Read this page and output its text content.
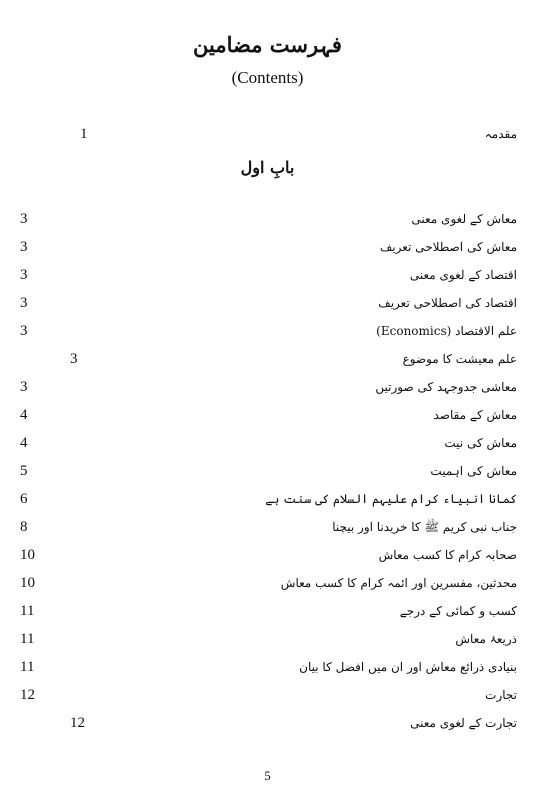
فہرست مضامین
(Contents)
مقدمہ
1
بابِ اول
معاش کے لغوی معنی
3
معاش کی اصطلاحی تعریف
3
اقتصاد کے لغوی معنی
3
اقتصاد کی اصطلاحی تعریف
3
علم الاقتصاد (Economics)
3
علم معیشت کا موضوع
3
معاشی جدوجہد کی صورتیں
3
معاش کے مقاصد
4
معاش کی نیت
4
معاش کی اہمیت
5
کمانا انبیاء کرام علیہم السلام کی سنت ہے
6
جناب نبی کریم ﷺ کا خریدنا اور بیچنا
8
صحابہ کرام کا کسب معاش
10
محدثین، مفسرین اور ائمہ کرام کا کسب معاش
10
کسب و کمائی کے درجے
11
ذریعۂ معاش
11
بنیادی ذرائع معاش اور ان میں افضل کا بیان
11
تجارت
12
تجارت کے لغوی معنی
12
5
